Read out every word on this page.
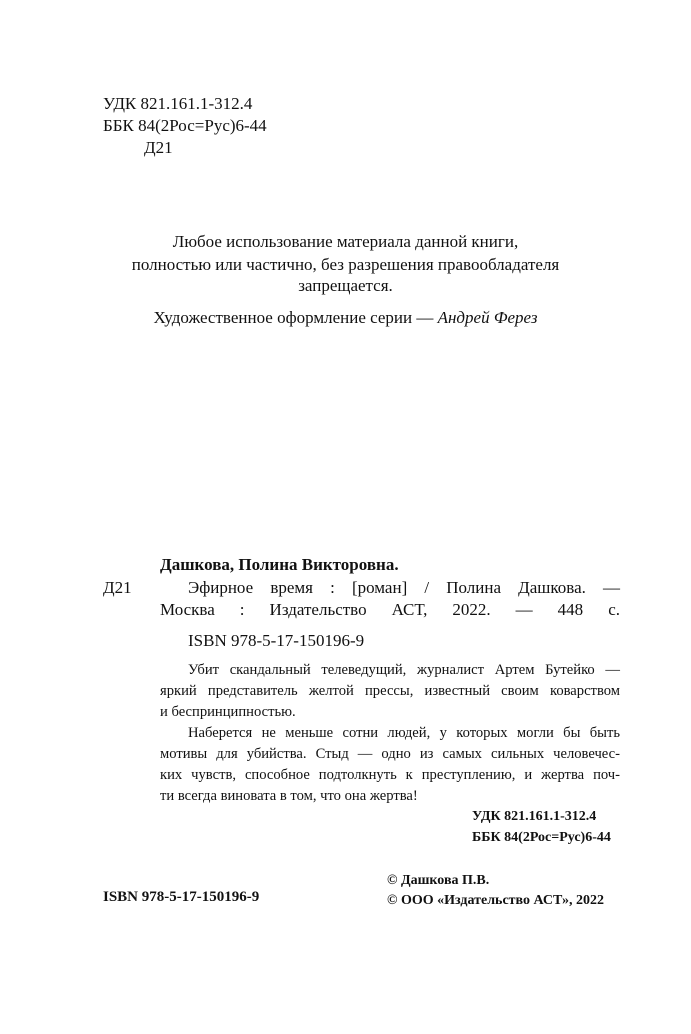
УДК 821.161.1-312.4
ББК 84(2Рос=Рус)6-44
Д21
Любое использование материала данной книги,
полностью или частично, без разрешения правообладателя
запрещается.
Художественное оформление серии — Андрей Ферез
Дашкова, Полина Викторовна.
Д21	Эфирное время : [роман] / Полина Дашкова. —
Москва : Издательство АСТ, 2022. — 448 с.
ISBN 978-5-17-150196-9
Убит скандальный телеведущий, журналист Артем Бутейко —
яркий представитель желтой прессы, известный своим коварством
и беспринципностью.
Наберется не меньше сотни людей, у которых могли бы быть
мотивы для убийства. Стыд — одно из самых сильных человечес-
ких чувств, способное подтолкнуть к преступлению, и жертва поч-
ти всегда виновата в том, что она жертва!
УДК 821.161.1-312.4
ББК 84(2Рос=Рус)6-44
ISBN 978-5-17-150196-9
© Дашкова П.В.
© ООО «Издательство АСТ», 2022
